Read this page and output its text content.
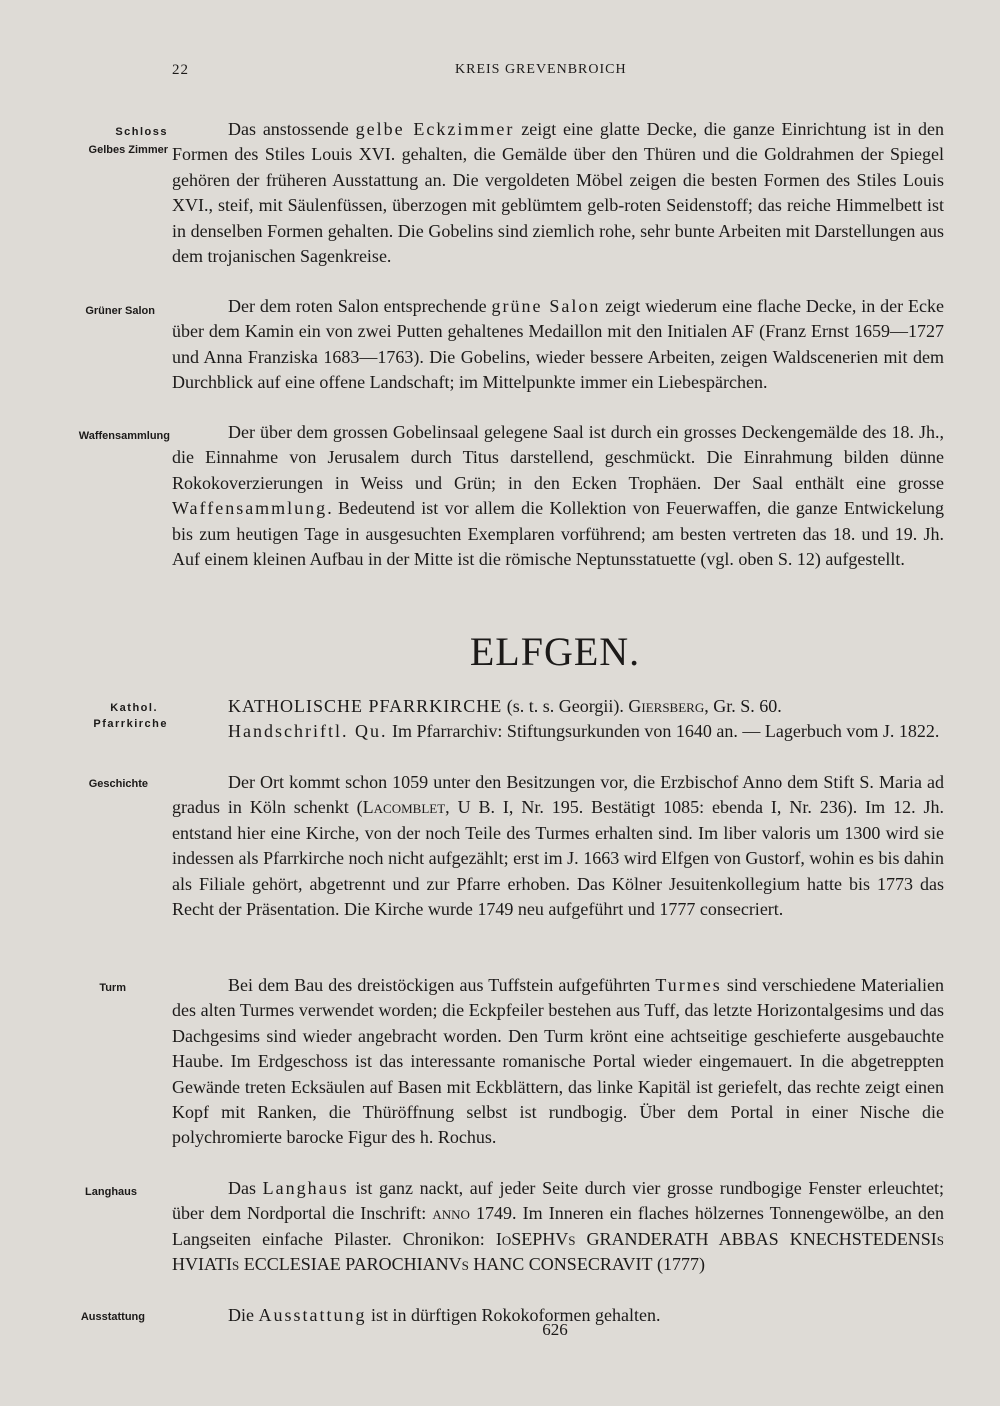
22	KREIS GREVENBROICH
Schloss
Gelbes Zimmer
Grüner Salon
Waffensammlung
Kathol.
Pfarrkirche
Geschichte
Turm
Langhaus
Ausstattung

Das anstossende gelbe Eckzimmer zeigt eine glatte Decke, die ganze Einrichtung ist in den Formen des Stiles Louis XVI. gehalten, die Gemälde über den Thüren und die Goldrahmen der Spiegel gehören der früheren Ausstattung an. Die vergoldeten Möbel zeigen die besten Formen des Stiles Louis XVI., steif, mit Säulenfüssen, überzogen mit geblümtem gelb-roten Seidenstoff; das reiche Himmelbett ist in denselben Formen gehalten. Die Gobelins sind ziemlich rohe, sehr bunte Arbeiten mit Darstellungen aus dem trojanischen Sagenkreise.

Der dem roten Salon entsprechende grüne Salon zeigt wiederum eine flache Decke, in der Ecke über dem Kamin ein von zwei Putten gehaltenes Medaillon mit den Initialen AF (Franz Ernst 1659—1727 und Anna Franziska 1683—1763). Die Gobelins, wieder bessere Arbeiten, zeigen Waldscenerien mit dem Durchblick auf eine offene Landschaft; im Mittelpunkte immer ein Liebespärchen.

Der über dem grossen Gobelinsaal gelegene Saal ist durch ein grosses Deckengemälde des 18. Jh., die Einnahme von Jerusalem durch Titus darstellend, geschmückt. Die Einrahmung bilden dünne Rokokoverzierungen in Weiss und Grün; in den Ecken Trophäen. Der Saal enthält eine grosse Waffensammlung. Bedeutend ist vor allem die Kollektion von Feuerwaffen, die ganze Entwickelung bis zum heutigen Tage in ausgesuchten Exemplaren vorführend; am besten vertreten das 18. und 19. Jh. Auf einem kleinen Aufbau in der Mitte ist die römische Neptunsstatuette (vgl. oben S. 12) aufgestellt.

ELFGEN.

KATHOLISCHE PFARRKIRCHE (s. t. s. Georgii). Giersberg, Gr. S. 60.

Handschriftl. Qu. Im Pfarrarchiv: Stiftungsurkunden von 1640 an. — Lagerbuch vom J. 1822.

Der Ort kommt schon 1059 unter den Besitzungen vor, die Erzbischof Anno dem Stift S. Maria ad gradus in Köln schenkt (Lacomblet, U B. I, Nr. 195. Bestätigt 1085: ebenda I, Nr. 236). Im 12. Jh. entstand hier eine Kirche, von der noch Teile des Turmes erhalten sind. Im liber valoris um 1300 wird sie indessen als Pfarrkirche noch nicht aufgezählt; erst im J. 1663 wird Elfgen von Gustorf, wohin es bis dahin als Filiale gehört, abgetrennt und zur Pfarre erhoben. Das Kölner Jesuitenkollegium hatte bis 1773 das Recht der Präsentation. Die Kirche wurde 1749 neu aufgeführt und 1777 consecriert.

Bei dem Bau des dreistöckigen aus Tuffstein aufgeführten Turmes sind verschiedene Materialien des alten Turmes verwendet worden; die Eckpfeiler bestehen aus Tuff, das letzte Horizontalgesims und das Dachgesims sind wieder angebracht worden. Den Turm krönt eine achtseitige geschieferte ausgebauchte Haube. Im Erdgeschoss ist das interessante romanische Portal wieder eingemauert. In die abgetreppten Gewände treten Ecksäulen auf Basen mit Eckblättern, das linke Kapitäl ist geriefelt, das rechte zeigt einen Kopf mit Ranken, die Thüröffnung selbst ist rundbogig. Über dem Portal in einer Nische die polychromierte barocke Figur des h. Rochus.

Das Langhaus ist ganz nackt, auf jeder Seite durch vier grosse rundbogige Fenster erleuchtet; über dem Nordportal die Inschrift: anno 1749. Im Inneren ein flaches hölzernes Tonnengewölbe, an den Langseiten einfache Pilaster. Chronikon: IoSEPHVs GRANDERATH ABBAS KNECHSTEDENSIs HVIATIs ECCLESIAE PAROCHIANVs HANC CONSECRAVIT (1777)

Die Ausstattung ist in dürftigen Rokokoformen gehalten.

626
